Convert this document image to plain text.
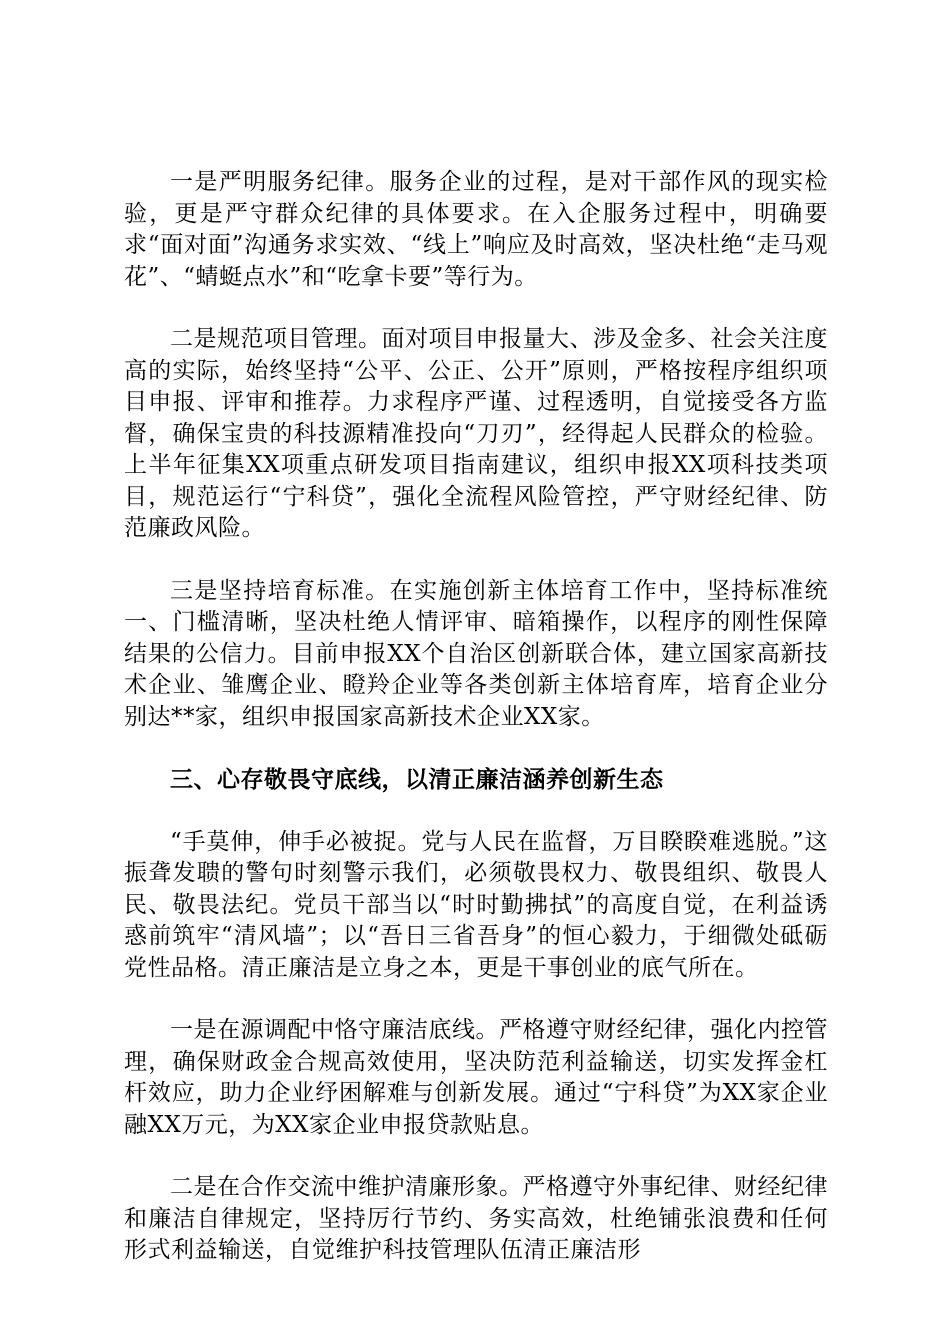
一是严明服务纪律。服务企业的过程，是对干部作风的现实检验，更是严守群众纪律的具体要求。在入企服务过程中，明确要求“面对面”沟通务求实效、“线上”响应及时高效，坚决杜绝“走马观花”、“蜻蜓点水”和“吃拿卡要”等行为。

二是规范项目管理。面对项目申报量大、涉及金多、社会关注度高的实际，始终坚持“公平、公正、公开”原则，严格按程序组织项目申报、评审和推荐。力求程序严谨、过程透明，自觉接受各方监督，确保宝贵的科技源精准投向“刀刃”，经得起人民群众的检验。上半年征集XX项重点研发项目指南建议，组织申报XX项科技类项目，规范运行“宁科贷”，强化全流程风险管控，严守财经纪律、防范廉政风险。

三是坚持培育标准。在实施创新主体培育工作中，坚持标准统一、门槛清晰，坚决杜绝人情评审、暗箱操作，以程序的刚性保障结果的公信力。目前申报XX个自治区创新联合体，建立国家高新技术企业、雏鹰企业、瞪羚企业等各类创新主体培育库，培育企业分别达**家，组织申报国家高新技术企业XX家。

三、心存敬畏守底线，以清正廉洁涵养创新生态

“手莫伸，伸手必被捉。党与人民在监督，万目睽睽难逃脱。”这振聋发聩的警句时刻警示我们，必须敬畏权力、敬畏组织、敬畏人民、敬畏法纪。党员干部当以“时时勤拂拭”的高度自觉，在利益诱惑前筑牢“清风墙”；以“吾日三省吾身”的恒心毅力，于细微处砥砺党性品格。清正廉洁是立身之本，更是干事创业的底气所在。

一是在源调配中恪守廉洁底线。严格遵守财经纪律，强化内控管理，确保财政金合规高效使用，坚决防范利益输送，切实发挥金杠杆效应，助力企业纾困解难与创新发展。通过“宁科贷”为XX家企业融XX万元，为XX家企业申报贷款贴息。

二是在合作交流中维护清廉形象。严格遵守外事纪律、财经纪律和廉洁自律规定，坚持厉行节约、务实高效，杜绝铺张浪费和任何形式利益输送，自觉维护科技管理队伍清正廉洁形
